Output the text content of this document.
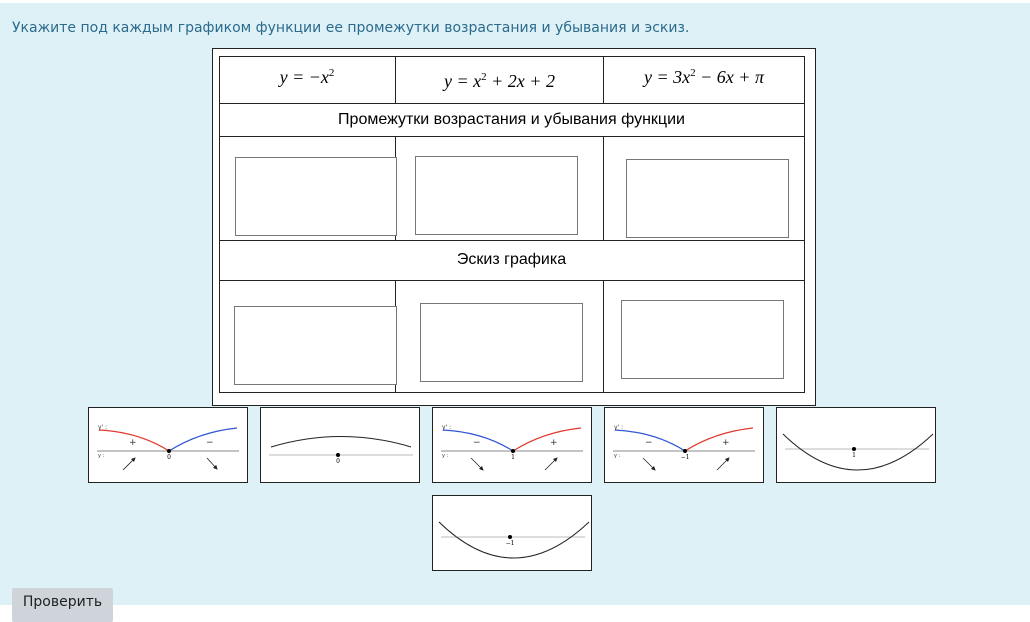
Укажите под каждым графиком функции ее промежутки возрастания и убывания и эскиз.
$y = -x^2$	$y = x^2 + 2x + 2$	$y = 3x^2 - 6x + \pi$
Промежутки возрастания и убывания функции
Эскиз графика
y' :
y :
+	−
0
0
y' :
y :
−	+
1
y' :
y :
−	+
−1	1
−1
Проверить
